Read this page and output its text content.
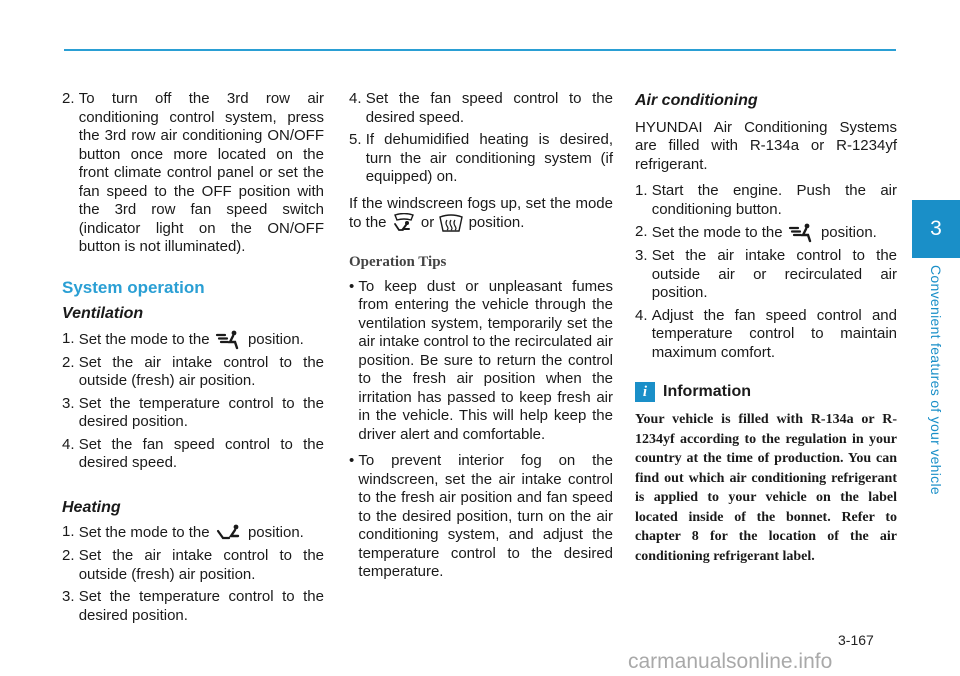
3
Convenient features of your vehicle
2. To turn off the 3rd row air conditioning control system, press the 3rd row air conditioning ON/OFF button once more located on the front climate control panel or set the fan speed to the OFF position with the 3rd row fan speed switch (indicator light on the ON/OFF button is not illuminated).
System operation
Ventilation
1. Set the mode to the	position.
2. Set the air intake control to the outside (fresh) air position.
3. Set the temperature control to the desired position.
4. Set the fan speed control to the desired speed.
Heating
1. Set the mode to the	position.
2. Set the air intake control to the outside (fresh) air position.
3. Set the temperature control to the desired position.
4. Set the fan speed control to the desired speed.
5. If dehumidified heating is desired, turn the air conditioning system (if equipped) on.
If the windscreen fogs up, set the mode to the or position.
Operation Tips
• To keep dust or unpleasant fumes from entering the vehicle through the ventilation system, temporarily set the air intake control to the recirculated air position. Be sure to return the control to the fresh air position when the irritation has passed to keep fresh air in the vehicle. This will help keep the driver alert and comfortable.
• To prevent interior fog on the windscreen, set the air intake control to the fresh air position and fan speed to the desired position, turn on the air conditioning system, and adjust the temperature control to the desired temperature.
Air conditioning
HYUNDAI Air Conditioning Systems are filled with R-134a or R-1234yf refrigerant.
1. Start the engine. Push the air conditioning button.
2. Set the mode to the	position.
3. Set the air intake control to the outside air or recirculated air position.
4. Adjust the fan speed control and temperature control to maintain maximum comfort.
i Information
Your vehicle is filled with R-134a or R-1234yf according to the regulation in your country at the time of production. You can find out which air conditioning refrigerant is applied to your vehicle on the label located inside of the bonnet. Refer to chapter 8 for the location of the air conditioning refrigerant label.
3-167
carmanualsonline.info
